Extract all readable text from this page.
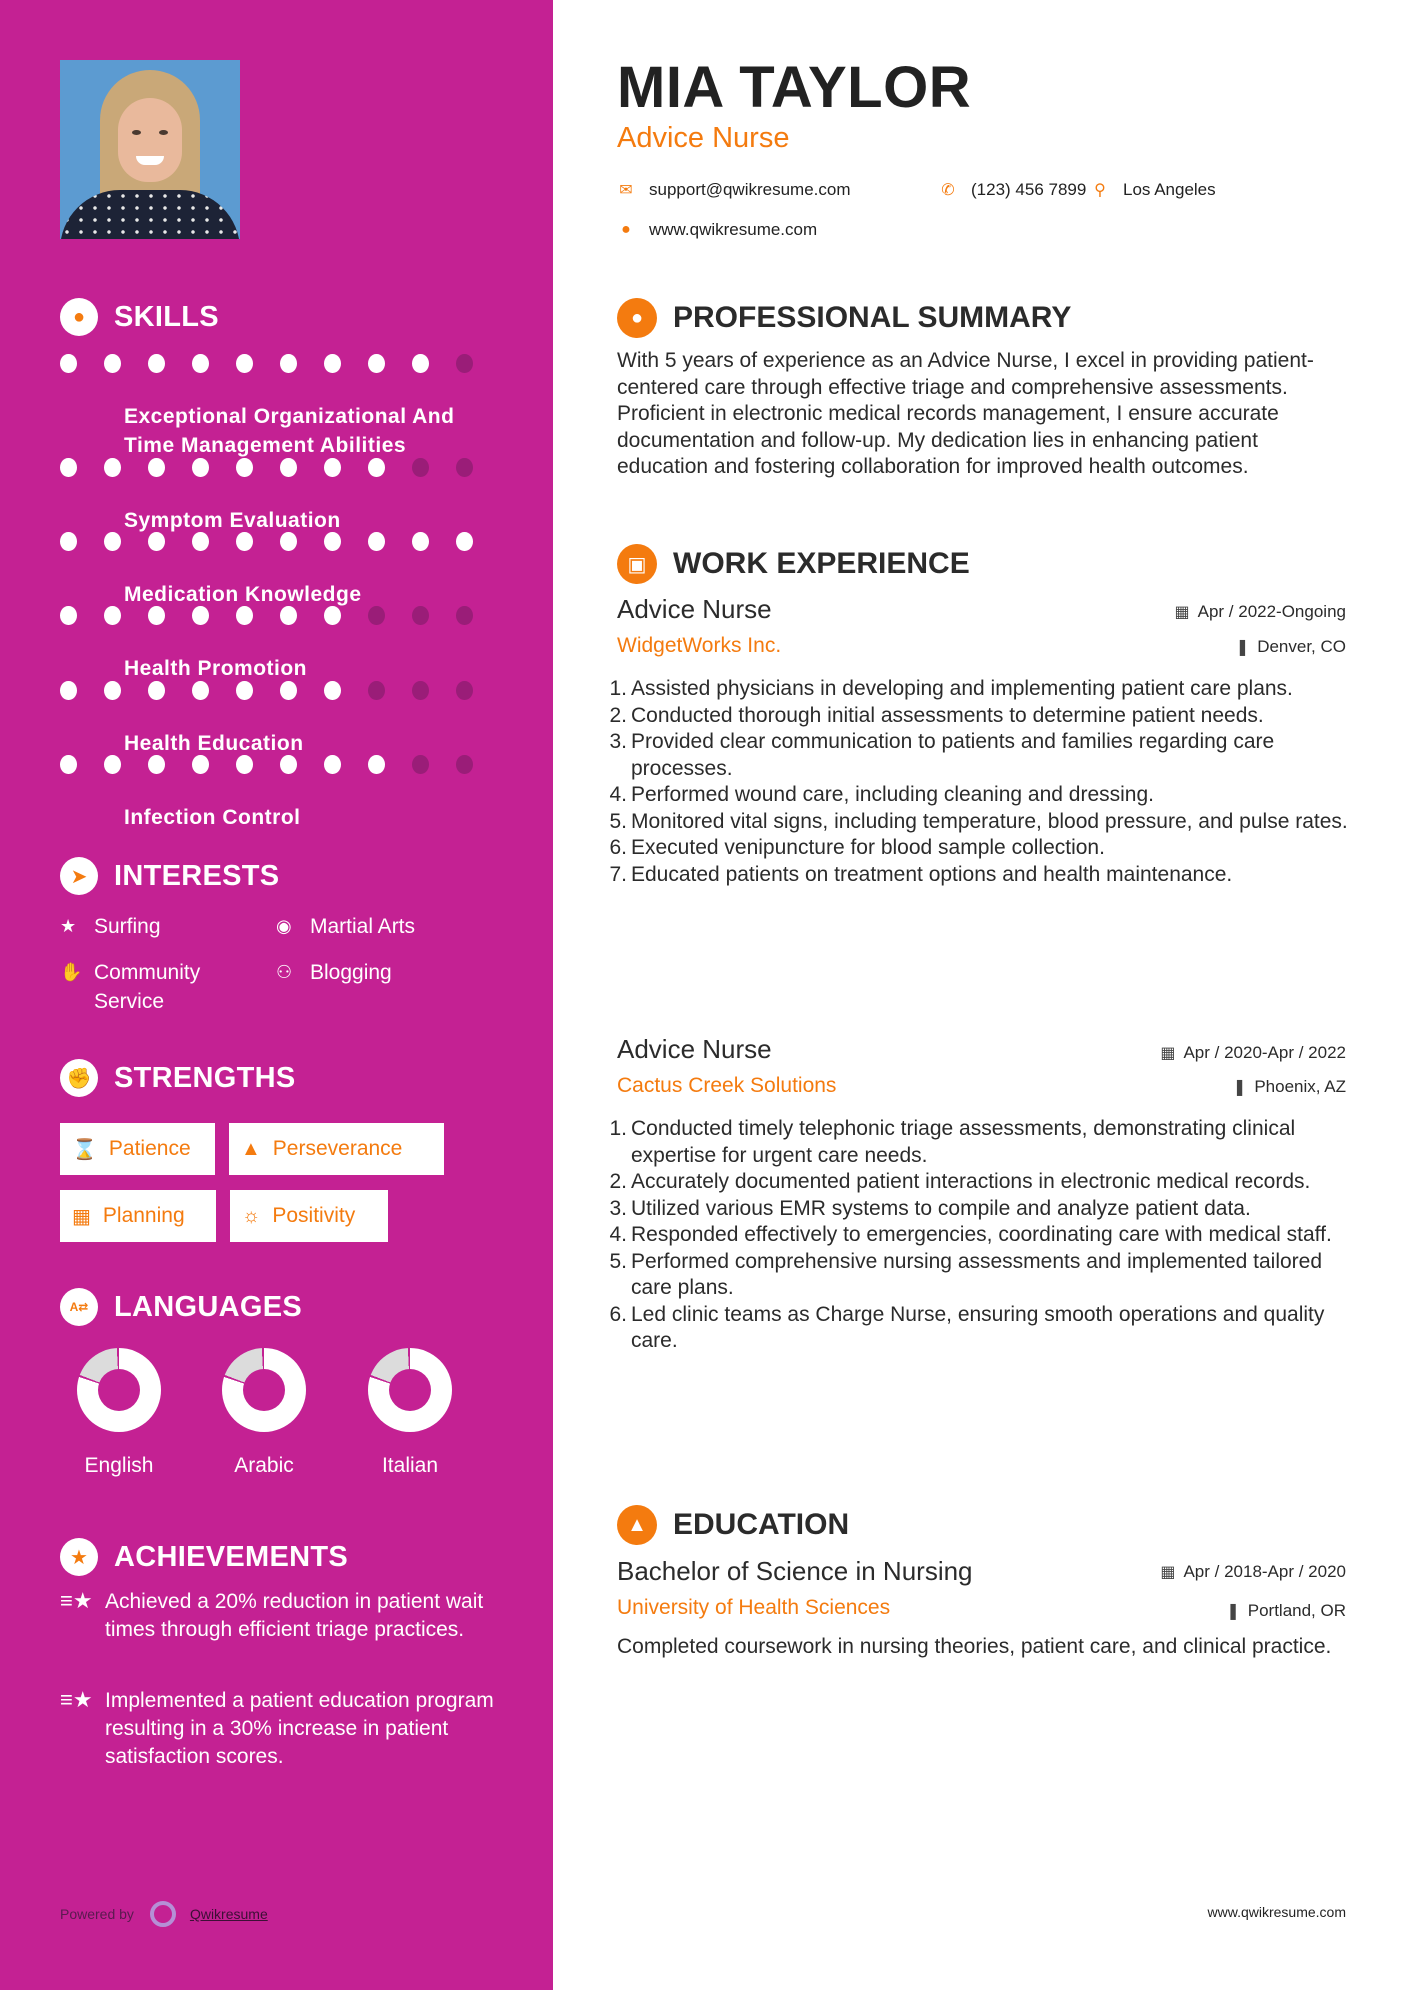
● SKILLS
Exceptional Organizational And Time Management Abilities
Symptom Evaluation
Medication Knowledge
Health Promotion
Health Education
Infection Control
➤ INTERESTS
★ Surfing	◉ Martial Arts
✋ Community Service
⚇ Blogging
✊ STRENGTHS
⌛ Patience	▲ Perseverance
▦ Planning	☼ Positivity
A⇄ LANGUAGES
English	Arabic	Italian
★ ACHIEVEMENTS
≡★ Achieved a 20% reduction in patient wait times through efficient triage practices.
≡★ Implemented a patient education program resulting in a 30% increase in patient satisfaction scores.
Powered by	Qwikresume
MIA TAYLOR
Advice Nurse
✉ support@qwikresume.com	✆ (123) 456 7899 ⚲ Los Angeles
● www.qwikresume.com
● PROFESSIONAL SUMMARY
With 5 years of experience as an Advice Nurse, I excel in providing patient-centered care through effective triage and comprehensive assessments. Proficient in electronic medical records management, I ensure accurate documentation and follow-up. My dedication lies in enhancing patient education and fostering collaboration for improved health outcomes.
▣ WORK EXPERIENCE
Advice Nurse	▦ Apr / 2022-Ongoing
WidgetWorks Inc.	❚ Denver, CO
1. Assisted physicians in developing and implementing patient care plans.
2. Conducted thorough initial assessments to determine patient needs.
3. Provided clear communication to patients and families regarding care processes.
4. Performed wound care, including cleaning and dressing.
5. Monitored vital signs, including temperature, blood pressure, and pulse rates.
6. Executed venipuncture for blood sample collection.
7. Educated patients on treatment options and health maintenance.
Advice Nurse	▦ Apr / 2020-Apr / 2022
Cactus Creek Solutions	❚ Phoenix, AZ
1. Conducted timely telephonic triage assessments, demonstrating clinical expertise for urgent care needs.
2. Accurately documented patient interactions in electronic medical records.
3. Utilized various EMR systems to compile and analyze patient data.
4. Responded effectively to emergencies, coordinating care with medical staff.
5. Performed comprehensive nursing assessments and implemented tailored care plans.
6. Led clinic teams as Charge Nurse, ensuring smooth operations and quality care.
▲ EDUCATION
Bachelor of Science in Nursing	▦ Apr / 2018-Apr / 2020
University of Health Sciences	❚ Portland, OR
Completed coursework in nursing theories, patient care, and clinical practice.
www.qwikresume.com
